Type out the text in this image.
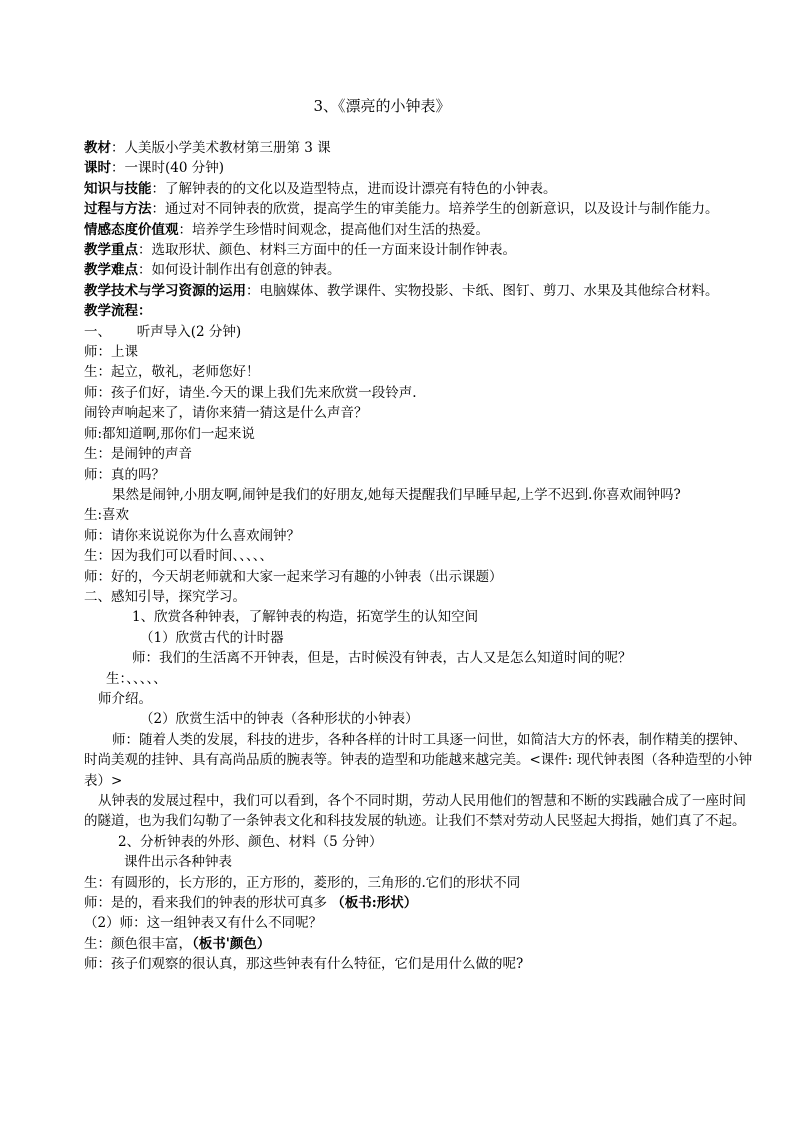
3、《漂亮的小钟表》
教材：人美版小学美术教材第三册第 3 课
课时：一课时(40 分钟)
知识与技能：了解钟表的的文化以及造型特点，进而设计漂亮有特色的小钟表。
过程与方法：通过对不同钟表的欣赏，提高学生的审美能力。培养学生的创新意识，以及设计与制作能力。
情感态度价值观：培养学生珍惜时间观念，提高他们对生活的热爱。
教学重点：选取形状、颜色、材料三方面中的任一方面来设计制作钟表。
教学难点：如何设计制作出有创意的钟表。
教学技术与学习资源的运用：电脑媒体、教学课件、实物投影、卡纸、图钉、剪刀、水果及其他综合材料。
教学流程：
一、      听声导入(2 分钟)
师：上课
生：起立，敬礼，老师您好！
师：孩子们好，请坐.今天的课上我们先来欣赏一段铃声.
闹铃声响起来了，请你来猜一猜这是什么声音？
师:都知道啊,那你们一起来说
生：是闹钟的声音
师：真的吗？
果然是闹钟,小朋友啊,闹钟是我们的好朋友,她每天提醒我们早睡早起,上学不迟到.你喜欢闹钟吗?
生:喜欢
师：请你来说说你为什么喜欢闹钟？
生：因为我们可以看时间、、、、、
师：好的，今天胡老师就和大家一起来学习有趣的小钟表（出示课题）
二、感知引导，探究学习。
1、欣赏各种钟表，了解钟表的构造，拓宽学生的认知空间
（1）欣赏古代的计时器
师：我们的生活离不开钟表，但是，古时候没有钟表，古人又是怎么知道时间的呢？
生：、、、、、
师介绍。
（2）欣赏生活中的钟表（各种形状的小钟表）
师：随着人类的发展，科技的进步，各种各样的计时工具逐一问世，如简洁大方的怀表，制作精美的摆钟、时尚美观的挂钟、具有高尚品质的腕表等。钟表的造型和功能越来越完美。<课件: 现代钟表图（各种造型的小钟表）>
从钟表的发展过程中，我们可以看到，各个不同时期，劳动人民用他们的智慧和不断的实践融合成了一座时间的隧道，也为我们勾勒了一条钟表文化和科技发展的轨迹。让我们不禁对劳动人民竖起大拇指，她们真了不起。
2、分析钟表的外形、颜色、材料（5 分钟）
课件出示各种钟表
生：有圆形的，长方形的，正方形的，菱形的，三角形的.它们的形状不同
师：是的，看来我们的钟表的形状可真多 （板书:形状）
（2）师：这一组钟表又有什么不同呢？
生：颜色很丰富，（板书'颜色）
师：孩子们观察的很认真，那这些钟表有什么特征，它们是用什么做的呢?
